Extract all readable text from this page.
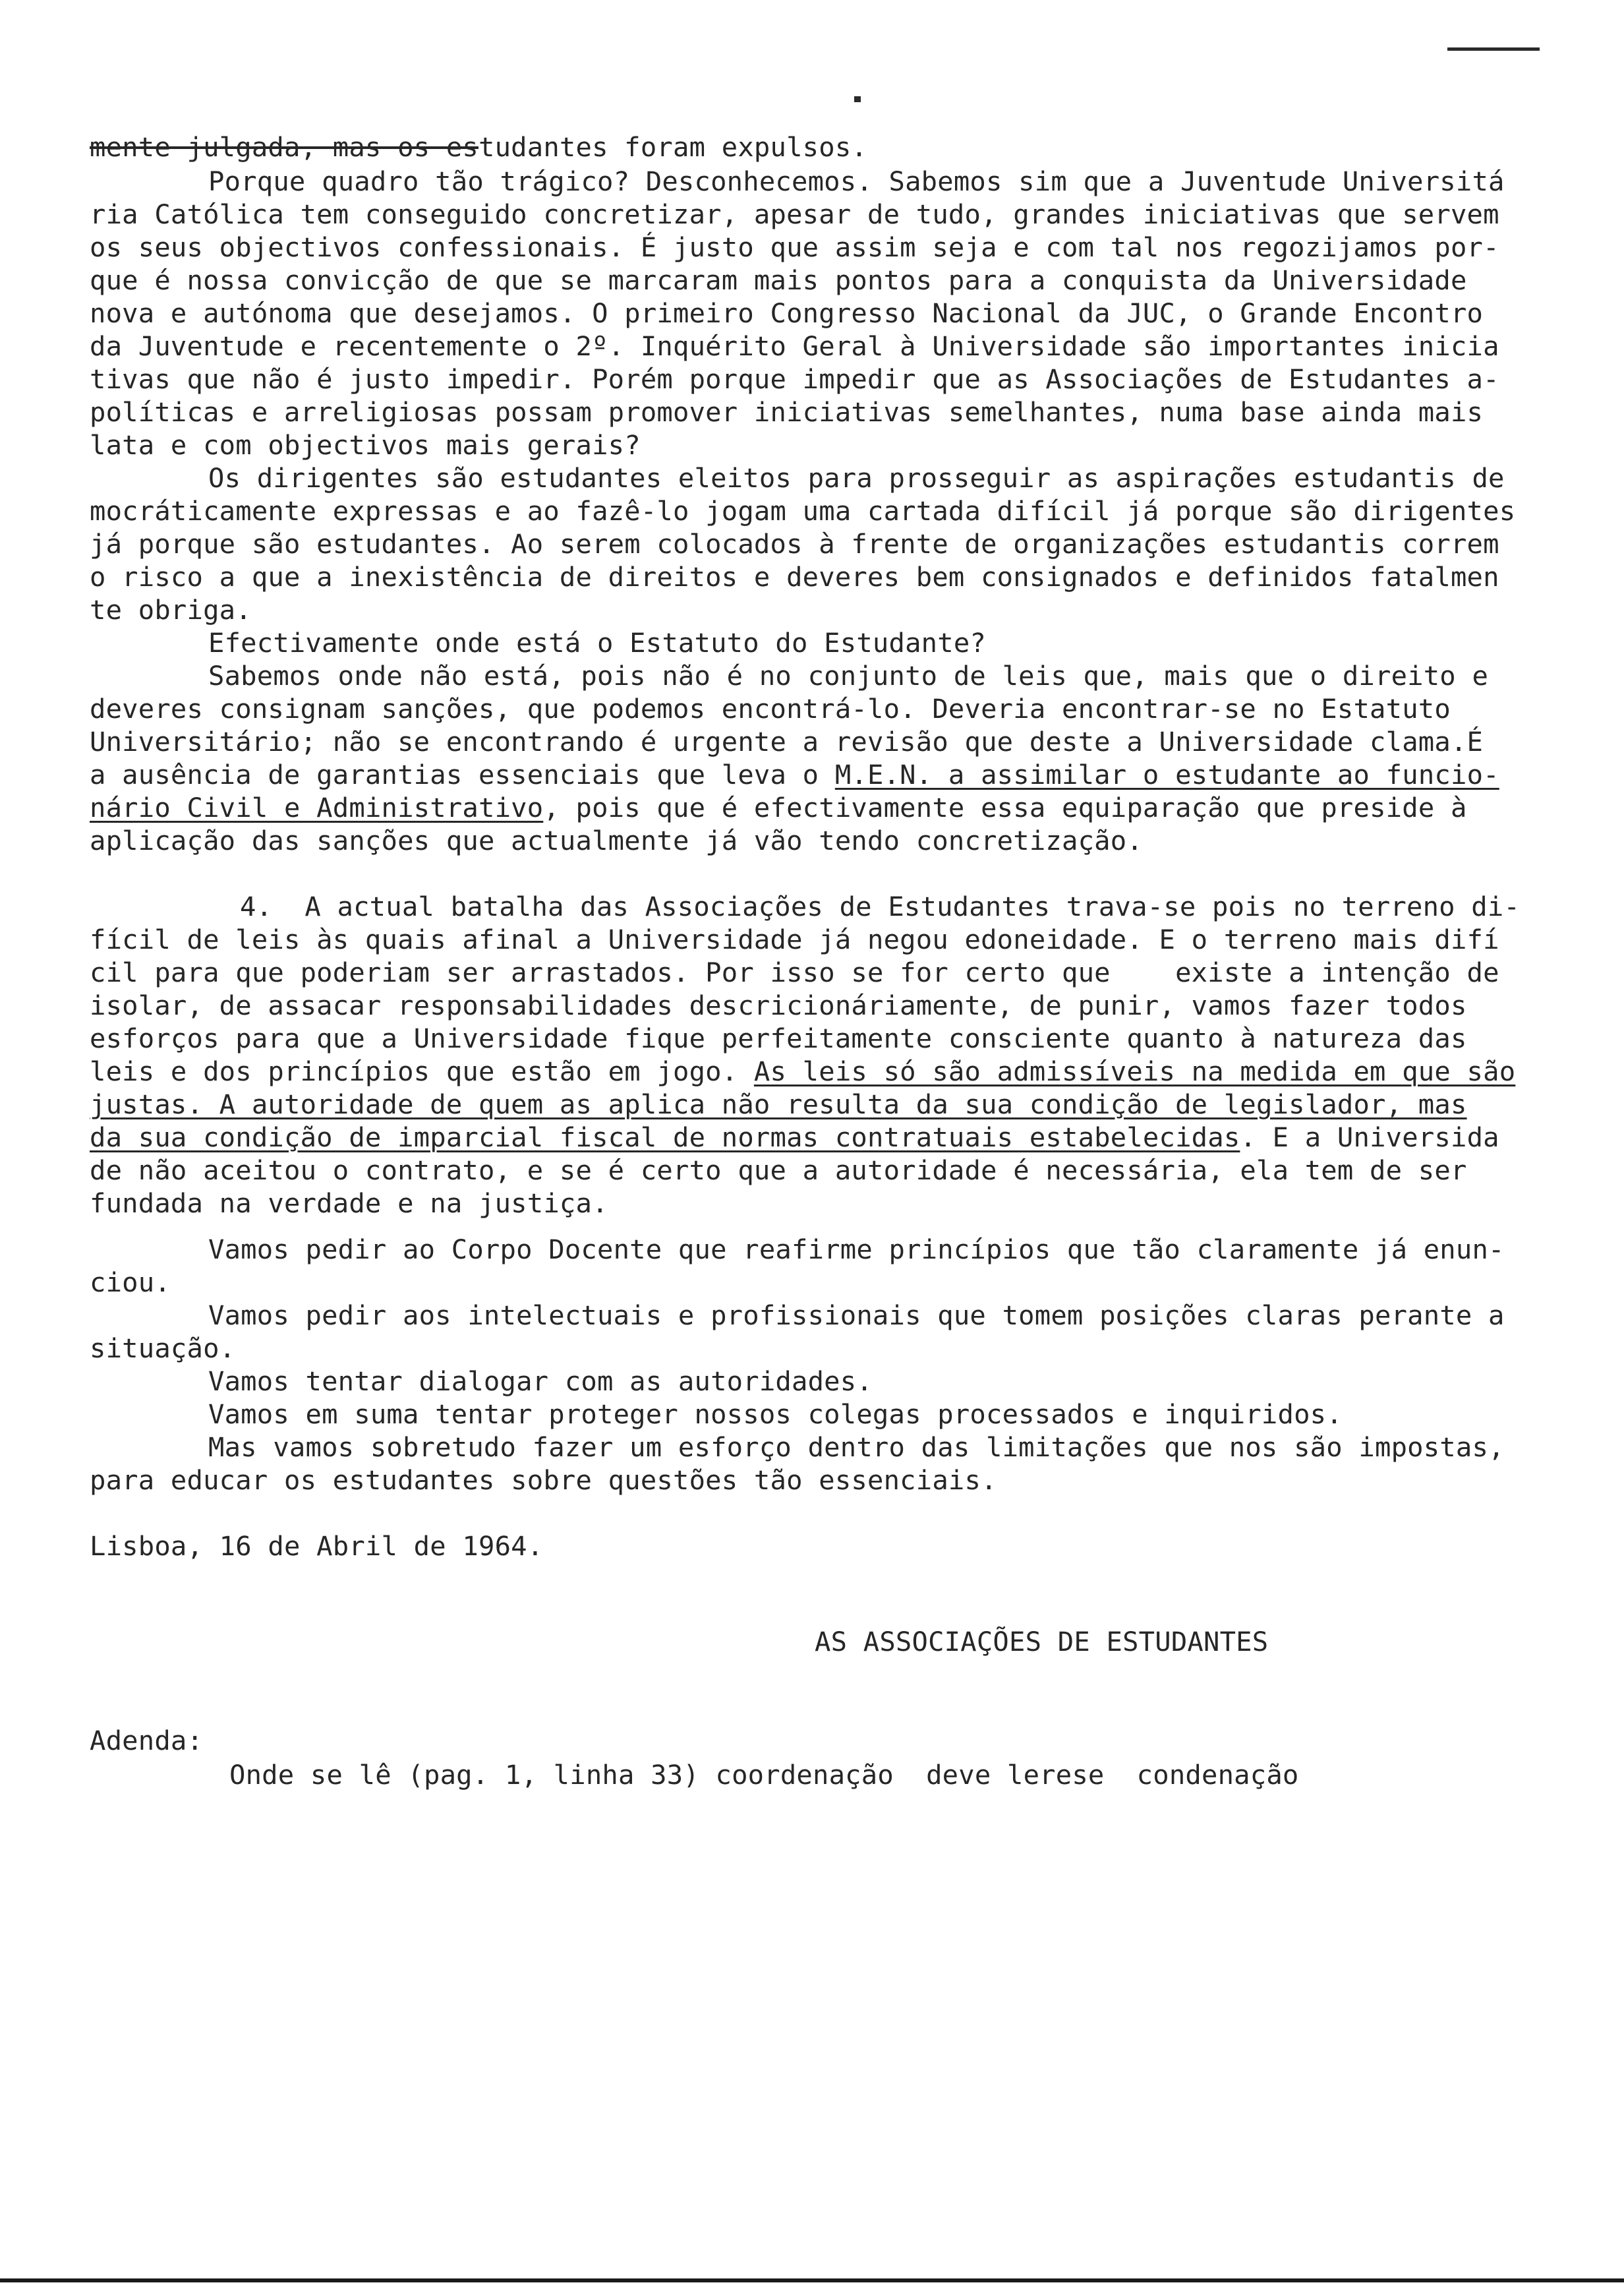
mente julgada, mas os estudantes foram expulsos.

Porque quadro tão trágico? Desconhecemos. Sabemos sim que a Juventude Universitá

ria Católica tem conseguido concretizar, apesar de tudo, grandes iniciativas que servem

os seus objectivos confessionais. É justo que assim seja e com tal nos regozijamos por-

que é nossa convicção de que se marcaram mais pontos para a conquista da Universidade

nova e autónoma que desejamos. O primeiro Congresso Nacional da JUC, o Grande Encontro

da Juventude e recentemente o 2º. Inquérito Geral à Universidade são importantes inicia

tivas que não é justo impedir. Porém porque impedir que as Associações de Estudantes a-

políticas e arreligiosas possam promover iniciativas semelhantes, numa base ainda mais

lata e com objectivos mais gerais?

Os dirigentes são estudantes eleitos para prosseguir as aspirações estudantis de

mocráticamente expressas e ao fazê-lo jogam uma cartada difícil já porque são dirigentes

já porque são estudantes. Ao serem colocados à frente de organizações estudantis correm

o risco a que a inexistência de direitos e deveres bem consignados e definidos fatalmen

te obriga.

Efectivamente onde está o Estatuto do Estudante?

Sabemos onde não está, pois não é no conjunto de leis que, mais que o direito e

deveres consignam sanções, que podemos encontrá-lo. Deveria encontrar-se no Estatuto

Universitário; não se encontrando é urgente a revisão que deste a Universidade clama.É

a ausência de garantias essenciais que leva o M.E.N. a assimilar o estudante ao funcio-

nário Civil e Administrativo, pois que é efectivamente essa equiparação que preside à

aplicação das sanções que actualmente já vão tendo concretização.

4.  A actual batalha das Associações de Estudantes trava-se pois no terreno di-

fícil de leis às quais afinal a Universidade já negou edoneidade. E o terreno mais difí

cil para que poderiam ser arrastados. Por isso se for certo que    existe a intenção de

isolar, de assacar responsabilidades descricionáriamente, de punir, vamos fazer todos

esforços para que a Universidade fique perfeitamente consciente quanto à natureza das

leis e dos princípios que estão em jogo. As leis só são admissíveis na medida em que são

justas. A autoridade de quem as aplica não resulta da sua condição de legislador, mas

da sua condição de imparcial fiscal de normas contratuais estabelecidas. E a Universida

de não aceitou o contrato, e se é certo que a autoridade é necessária, ela tem de ser

fundada na verdade e na justiça.

Vamos pedir ao Corpo Docente que reafirme princípios que tão claramente já enun-

ciou.

Vamos pedir aos intelectuais e profissionais que tomem posições claras perante a

situação.

Vamos tentar dialogar com as autoridades.

Vamos em suma tentar proteger nossos colegas processados e inquiridos.

Mas vamos sobretudo fazer um esforço dentro das limitações que nos são impostas,

para educar os estudantes sobre questões tão essenciais.

Lisboa, 16 de Abril de 1964.

AS ASSOCIAÇÕES DE ESTUDANTES

Adenda:

Onde se lê (pag. 1, linha 33) coordenação  deve lerese  condenação
